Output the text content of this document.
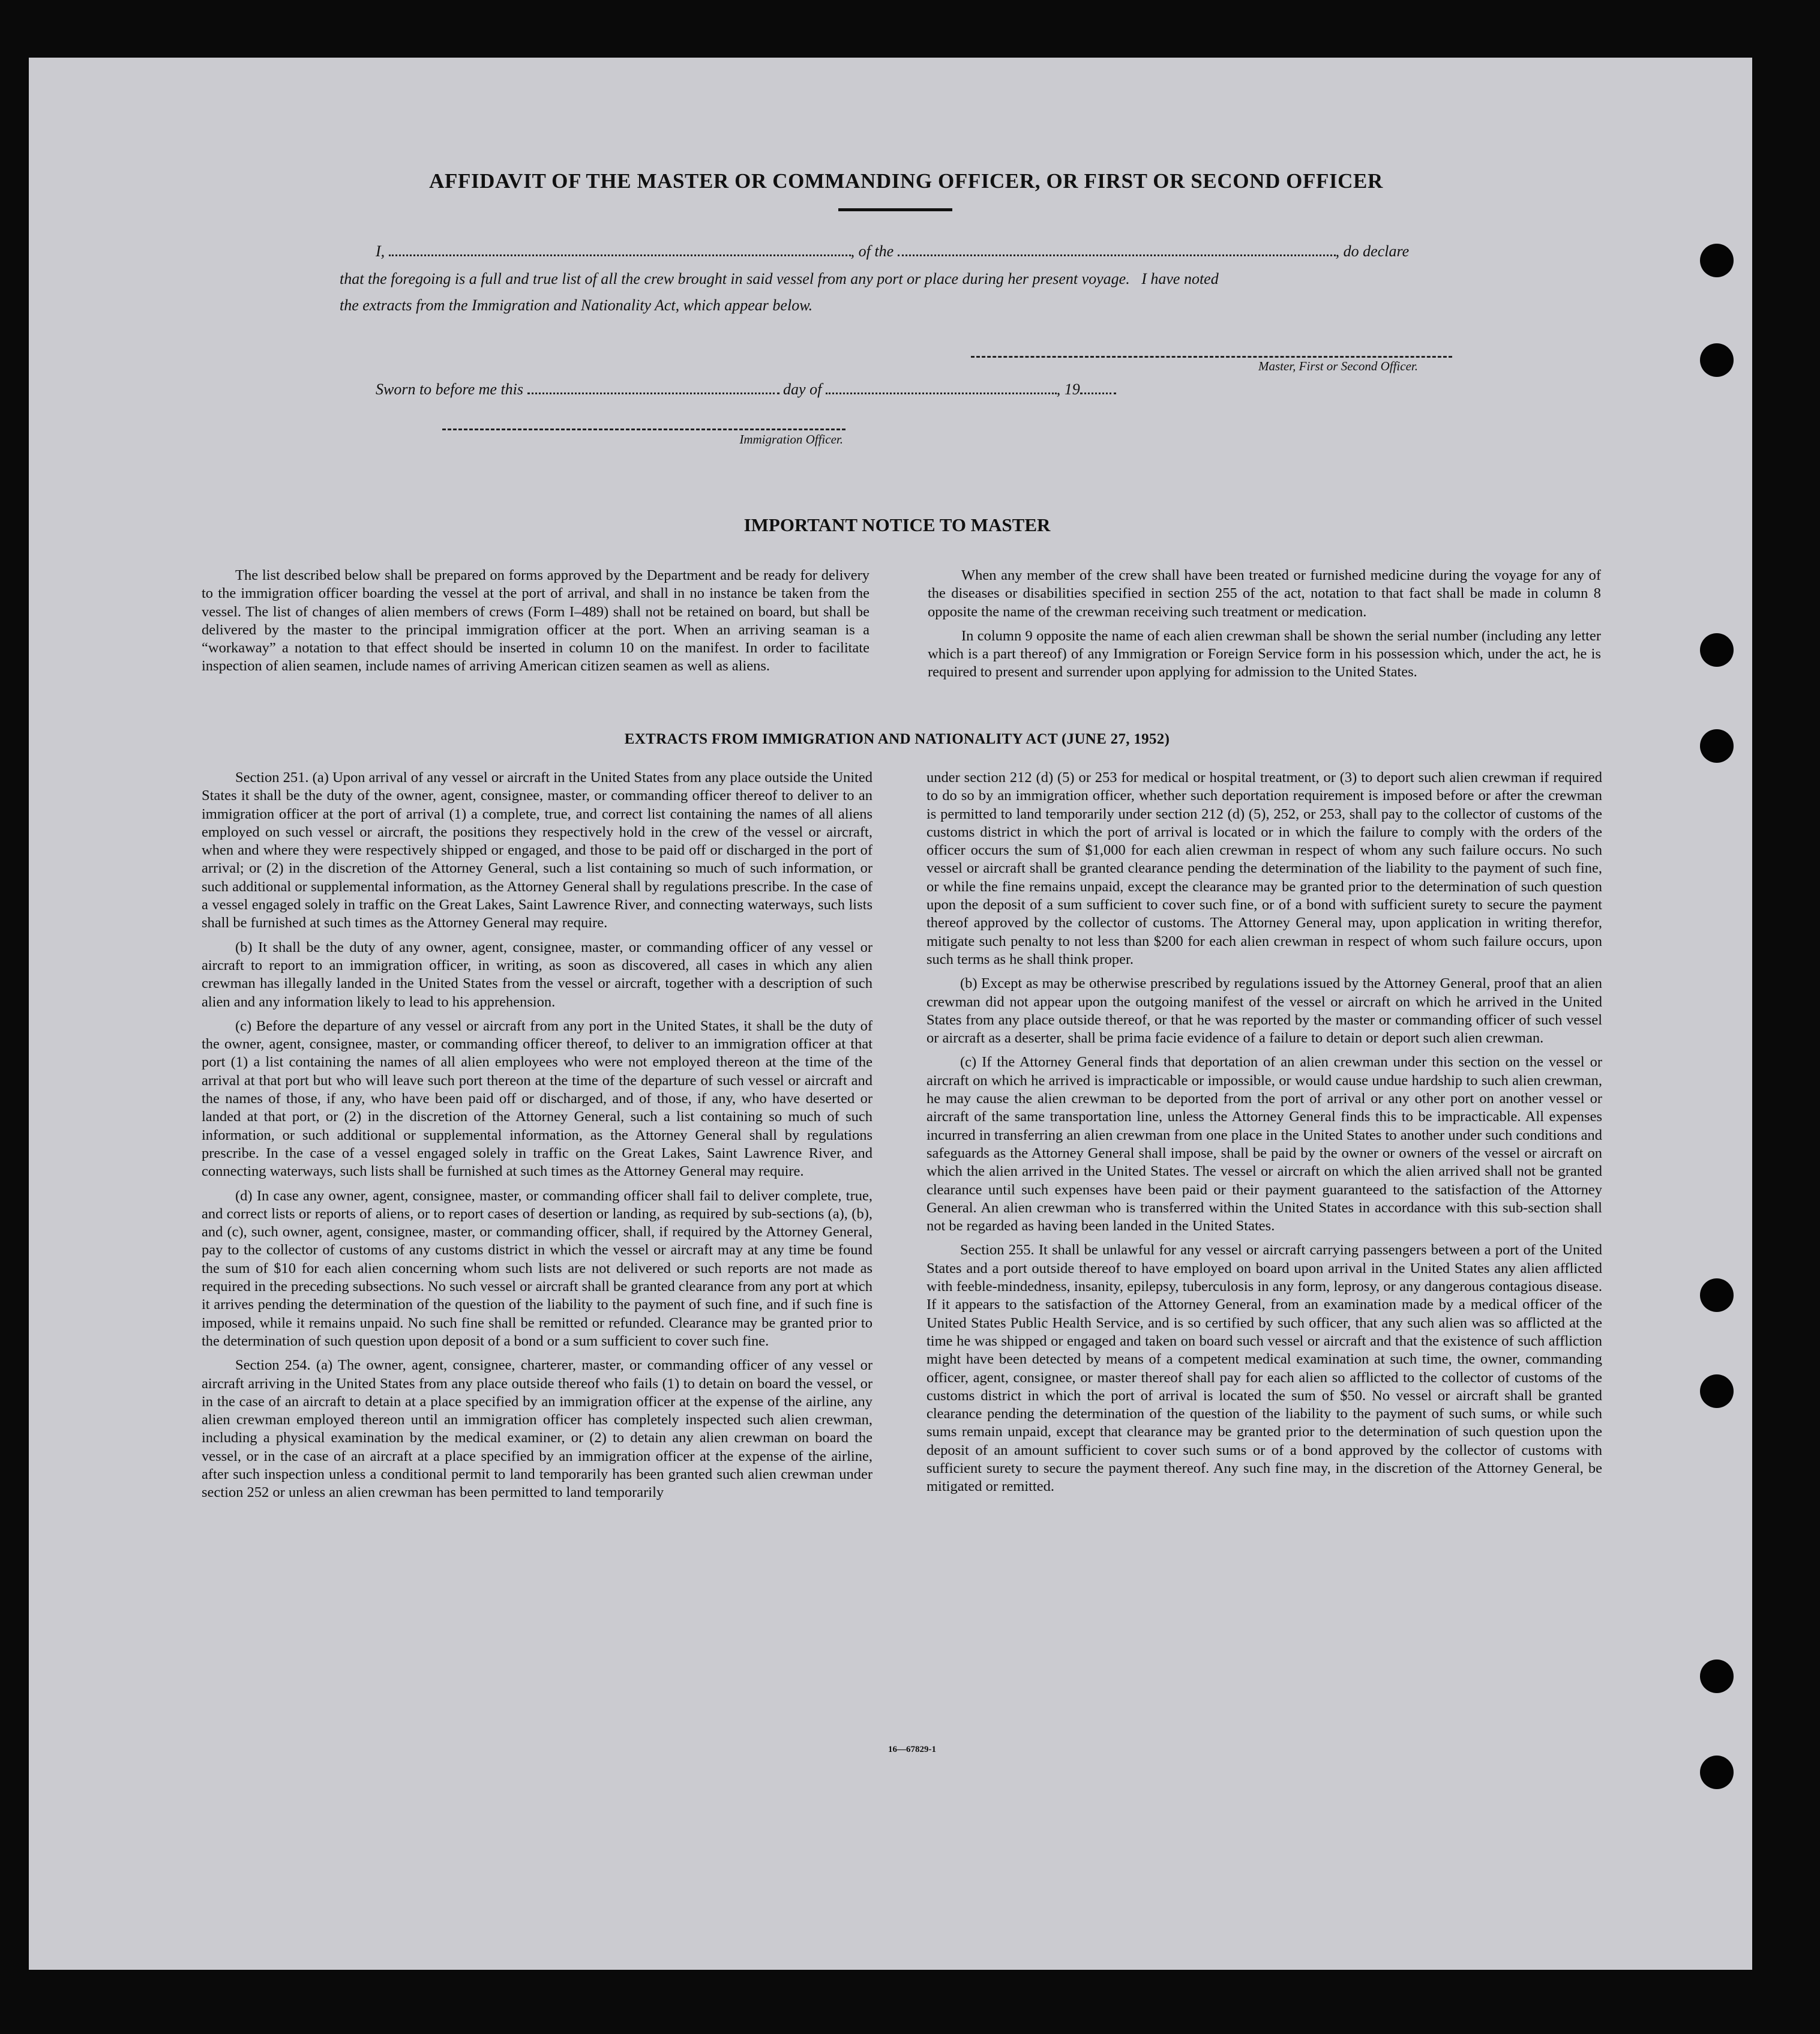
AFFIDAVIT OF THE MASTER OR COMMANDING OFFICER, OR FIRST OR SECOND OFFICER
I,	, of the	, do declare
that the foregoing is a full and true list of all the crew brought in said vessel from any port or place during her present voyage.   I have noted
the extracts from the Immigration and Nationality Act, which appear below.
Master, First or Second Officer.
Sworn to before me this	day of	, 19
Immigration Officer.
IMPORTANT NOTICE TO MASTER

The list described below shall be prepared on forms approved by the Department and be ready for delivery to the immigration officer boarding the vessel at the port of arrival, and shall in no instance be taken from the vessel. The list of changes of alien members of crews (Form I–489) shall not be retained on board, but shall be delivered by the master to the principal immigration officer at the port. When an arriving seaman is a “workaway” a notation to that effect should be inserted in column 10 on the manifest. In order to facilitate inspection of alien seamen, include names of arriving American citizen seamen as well as aliens.

When any member of the crew shall have been treated or furnished medicine during the voyage for any of the diseases or disabilities specified in section 255 of the act, notation to that fact shall be made in column 8 opposite the name of the crewman receiving such treatment or medication.

In column 9 opposite the name of each alien crewman shall be shown the serial number (including any letter which is a part thereof) of any Immigration or Foreign Service form in his possession which, under the act, he is required to present and surrender upon applying for admission to the United States.

EXTRACTS FROM IMMIGRATION AND NATIONALITY ACT (JUNE 27, 1952)

Section 251. (a) Upon arrival of any vessel or aircraft in the United States from any place outside the United States it shall be the duty of the owner, agent, consignee, master, or commanding officer thereof to deliver to an immigration officer at the port of arrival (1) a complete, true, and correct list containing the names of all aliens employed on such vessel or aircraft, the positions they respectively hold in the crew of the vessel or aircraft, when and where they were respectively shipped or engaged, and those to be paid off or discharged in the port of arrival; or (2) in the discretion of the Attorney General, such a list containing so much of such information, or such additional or supplemental information, as the Attorney General shall by regulations prescribe. In the case of a vessel engaged solely in traffic on the Great Lakes, Saint Lawrence River, and connecting waterways, such lists shall be furnished at such times as the Attorney General may require.

(b) It shall be the duty of any owner, agent, consignee, master, or commanding officer of any vessel or aircraft to report to an immigration officer, in writing, as soon as discovered, all cases in which any alien crewman has illegally landed in the United States from the vessel or aircraft, together with a description of such alien and any information likely to lead to his apprehension.

(c) Before the departure of any vessel or aircraft from any port in the United States, it shall be the duty of the owner, agent, consignee, master, or commanding officer thereof, to deliver to an immigration officer at that port (1) a list containing the names of all alien employees who were not employed thereon at the time of the arrival at that port but who will leave such port thereon at the time of the departure of such vessel or aircraft and the names of those, if any, who have been paid off or discharged, and of those, if any, who have deserted or landed at that port, or (2) in the discretion of the Attorney General, such a list containing so much of such information, or such additional or supplemental information, as the Attorney General shall by regulations prescribe. In the case of a vessel engaged solely in traffic on the Great Lakes, Saint Lawrence River, and connecting waterways, such lists shall be furnished at such times as the Attorney General may require.

(d) In case any owner, agent, consignee, master, or commanding officer shall fail to deliver complete, true, and correct lists or reports of aliens, or to report cases of desertion or landing, as required by sub-sections (a), (b), and (c), such owner, agent, consignee, master, or commanding officer, shall, if required by the Attorney General, pay to the collector of customs of any customs district in which the vessel or aircraft may at any time be found the sum of $10 for each alien concerning whom such lists are not delivered or such reports are not made as required in the preceding subsections. No such vessel or aircraft shall be granted clearance from any port at which it arrives pending the determination of the question of the liability to the payment of such fine, and if such fine is imposed, while it remains unpaid. No such fine shall be remitted or refunded. Clearance may be granted prior to the determination of such question upon deposit of a bond or a sum sufficient to cover such fine.

Section 254. (a) The owner, agent, consignee, charterer, master, or commanding officer of any vessel or aircraft arriving in the United States from any place outside thereof who fails (1) to detain on board the vessel, or in the case of an aircraft to detain at a place specified by an immigration officer at the expense of the airline, any alien crewman employed thereon until an immigration officer has completely inspected such alien crewman, including a physical examination by the medical examiner, or (2) to detain any alien crewman on board the vessel, or in the case of an aircraft at a place specified by an immigration officer at the expense of the airline, after such inspection unless a conditional permit to land temporarily has been granted such alien crewman under section 252 or unless an alien crewman has been permitted to land temporarily

under section 212 (d) (5) or 253 for medical or hospital treatment, or (3) to deport such alien crewman if required to do so by an immigration officer, whether such deportation requirement is imposed before or after the crewman is permitted to land temporarily under section 212 (d) (5), 252, or 253, shall pay to the collector of customs of the customs district in which the port of arrival is located or in which the failure to comply with the orders of the officer occurs the sum of $1,000 for each alien crewman in respect of whom any such failure occurs. No such vessel or aircraft shall be granted clearance pending the determination of the liability to the payment of such fine, or while the fine remains unpaid, except the clearance may be granted prior to the determination of such question upon the deposit of a sum sufficient to cover such fine, or of a bond with sufficient surety to secure the payment thereof approved by the collector of customs. The Attorney General may, upon application in writing therefor, mitigate such penalty to not less than $200 for each alien crewman in respect of whom such failure occurs, upon such terms as he shall think proper.

(b) Except as may be otherwise prescribed by regulations issued by the Attorney General, proof that an alien crewman did not appear upon the outgoing manifest of the vessel or aircraft on which he arrived in the United States from any place outside thereof, or that he was reported by the master or commanding officer of such vessel or aircraft as a deserter, shall be prima facie evidence of a failure to detain or deport such alien crewman.

(c) If the Attorney General finds that deportation of an alien crewman under this section on the vessel or aircraft on which he arrived is impracticable or impossible, or would cause undue hardship to such alien crewman, he may cause the alien crewman to be deported from the port of arrival or any other port on another vessel or aircraft of the same transportation line, unless the Attorney General finds this to be impracticable. All expenses incurred in transferring an alien crewman from one place in the United States to another under such conditions and safeguards as the Attorney General shall impose, shall be paid by the owner or owners of the vessel or aircraft on which the alien arrived in the United States. The vessel or aircraft on which the alien arrived shall not be granted clearance until such expenses have been paid or their payment guaranteed to the satisfaction of the Attorney General. An alien crewman who is transferred within the United States in accordance with this sub-section shall not be regarded as having been landed in the United States.

Section 255. It shall be unlawful for any vessel or aircraft carrying passengers between a port of the United States and a port outside thereof to have employed on board upon arrival in the United States any alien afflicted with feeble-mindedness, insanity, epilepsy, tuberculosis in any form, leprosy, or any dangerous contagious disease. If it appears to the satisfaction of the Attorney General, from an examination made by a medical officer of the United States Public Health Service, and is so certified by such officer, that any such alien was so afflicted at the time he was shipped or engaged and taken on board such vessel or aircraft and that the existence of such affliction might have been detected by means of a competent medical examination at such time, the owner, commanding officer, agent, consignee, or master thereof shall pay for each alien so afflicted to the collector of customs of the customs district in which the port of arrival is located the sum of $50. No vessel or aircraft shall be granted clearance pending the determination of the question of the liability to the payment of such sums, or while such sums remain unpaid, except that clearance may be granted prior to the determination of such question upon the deposit of an amount sufficient to cover such sums or of a bond approved by the collector of customs with sufficient surety to secure the payment thereof. Any such fine may, in the discretion of the Attorney General, be mitigated or remitted.

16—67829-1
